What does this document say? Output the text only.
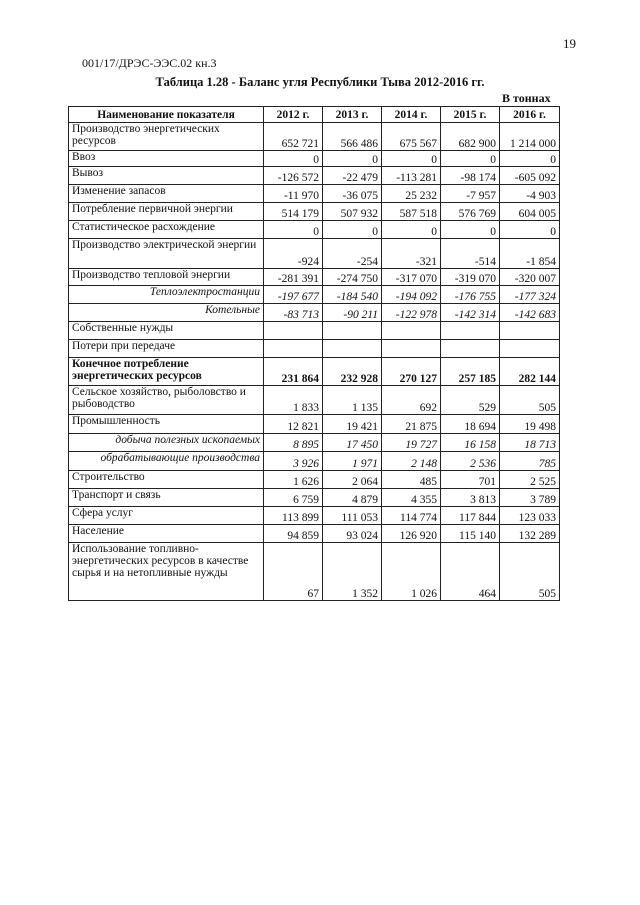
19
001/17/ДРЭС-ЭЭС.02 кн.3
Таблица 1.28 - Баланс угля Республики Тыва 2012-2016 гг.
В тоннах
Наименование показателя	2012 г.	2013 г.	2014 г.	2015 г.	2016 г.
Производство энергетических ресурсов	652 721	566 486	675 567	682 900	1 214 000
Ввоз	0	0	0	0	0
Вывоз	-126 572	-22 479	-113 281	-98 174	-605 092
Изменение запасов	-11 970	-36 075	25 232	-7 957	-4 903
Потребление первичной энергии	514 179	507 932	587 518	576 769	604 005
Статистическое расхождение	0	0	0	0	0
Производство электрической энергии	-924	-254	-321	-514	-1 854
Производство тепловой энергии	-281 391	-274 750	-317 070	-319 070	-320 007
Теплоэлектростанции	-197 677	-184 540	-194 092	-176 755	-177 324
Котельные	-83 713	-90 211	-122 978	-142 314	-142 683
Собственные нужды					
Потери при передаче					
Конечное потребление энергетических ресурсов	231 864	232 928	270 127	257 185	282 144
Сельское хозяйство, рыболовство и рыбоводство	1 833	1 135	692	529	505
Промышленность	12 821	19 421	21 875	18 694	19 498
добыча полезных ископаемых	8 895	17 450	19 727	16 158	18 713
обрабатывающие производства	3 926	1 971	2 148	2 536	785
Строительство	1 626	2 064	485	701	2 525
Транспорт и связь	6 759	4 879	4 355	3 813	3 789
Сфера услуг	113 899	111 053	114 774	117 844	123 033
Население	94 859	93 024	126 920	115 140	132 289
Использование топливно-энергетических ресурсов в качестве сырья и на нетопливные нужды	67	1 352	1 026	464	505
